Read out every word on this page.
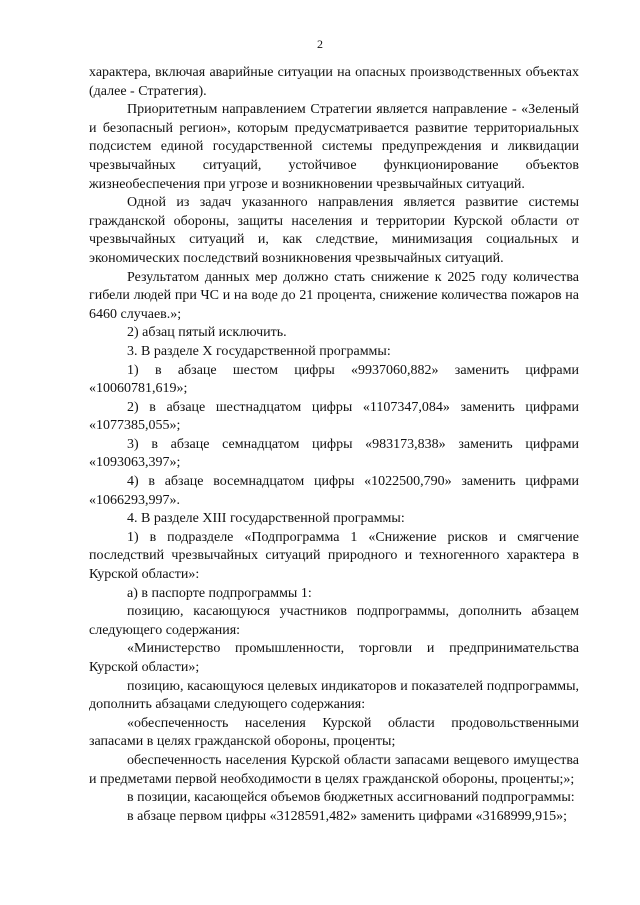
2

характера, включая аварийные ситуации на опасных производственных объектах (далее - Стратегия).

Приоритетным направлением Стратегии является направление - «Зеленый и безопасный регион», которым предусматривается развитие территориальных подсистем единой государственной системы предупреждения и ликвидации чрезвычайных ситуаций, устойчивое функционирование объектов жизнеобеспечения при угрозе и возникновении чрезвычайных ситуаций.

Одной из задач указанного направления является развитие системы гражданской обороны, защиты населения и территории Курской области от чрезвычайных ситуаций и, как следствие, минимизация социальных и экономических последствий возникновения чрезвычайных ситуаций.

Результатом данных мер должно стать снижение к 2025 году количества гибели людей при ЧС и на воде до 21 процента, снижение количества пожаров на 6460 случаев.»;

2) абзац пятый исключить.

3. В разделе X государственной программы:

1) в абзаце шестом цифры «9937060,882» заменить цифрами «10060781,619»;

2) в абзаце шестнадцатом цифры «1107347,084» заменить цифрами «1077385,055»;

3) в абзаце семнадцатом цифры «983173,838» заменить цифрами «1093063,397»;

4) в абзаце восемнадцатом цифры «1022500,790» заменить цифрами «1066293,997».

4. В разделе XIII государственной программы:

1) в подразделе «Подпрограмма 1 «Снижение рисков и смягчение последствий чрезвычайных ситуаций природного и техногенного характера в Курской области»:

а) в паспорте подпрограммы 1:

позицию, касающуюся участников подпрограммы, дополнить абзацем следующего содержания:

«Министерство промышленности, торговли и предпринимательства Курской области»;

позицию, касающуюся целевых индикаторов и показателей подпрограммы, дополнить абзацами следующего содержания:

«обеспеченность населения Курской области продовольственными запасами в целях гражданской обороны, проценты;

обеспеченность населения Курской области запасами вещевого имущества и предметами первой необходимости в целях гражданской обороны, проценты;»;

в позиции, касающейся объемов бюджетных ассигнований подпрограммы:

в абзаце первом цифры «3128591,482» заменить цифрами «3168999,915»;
